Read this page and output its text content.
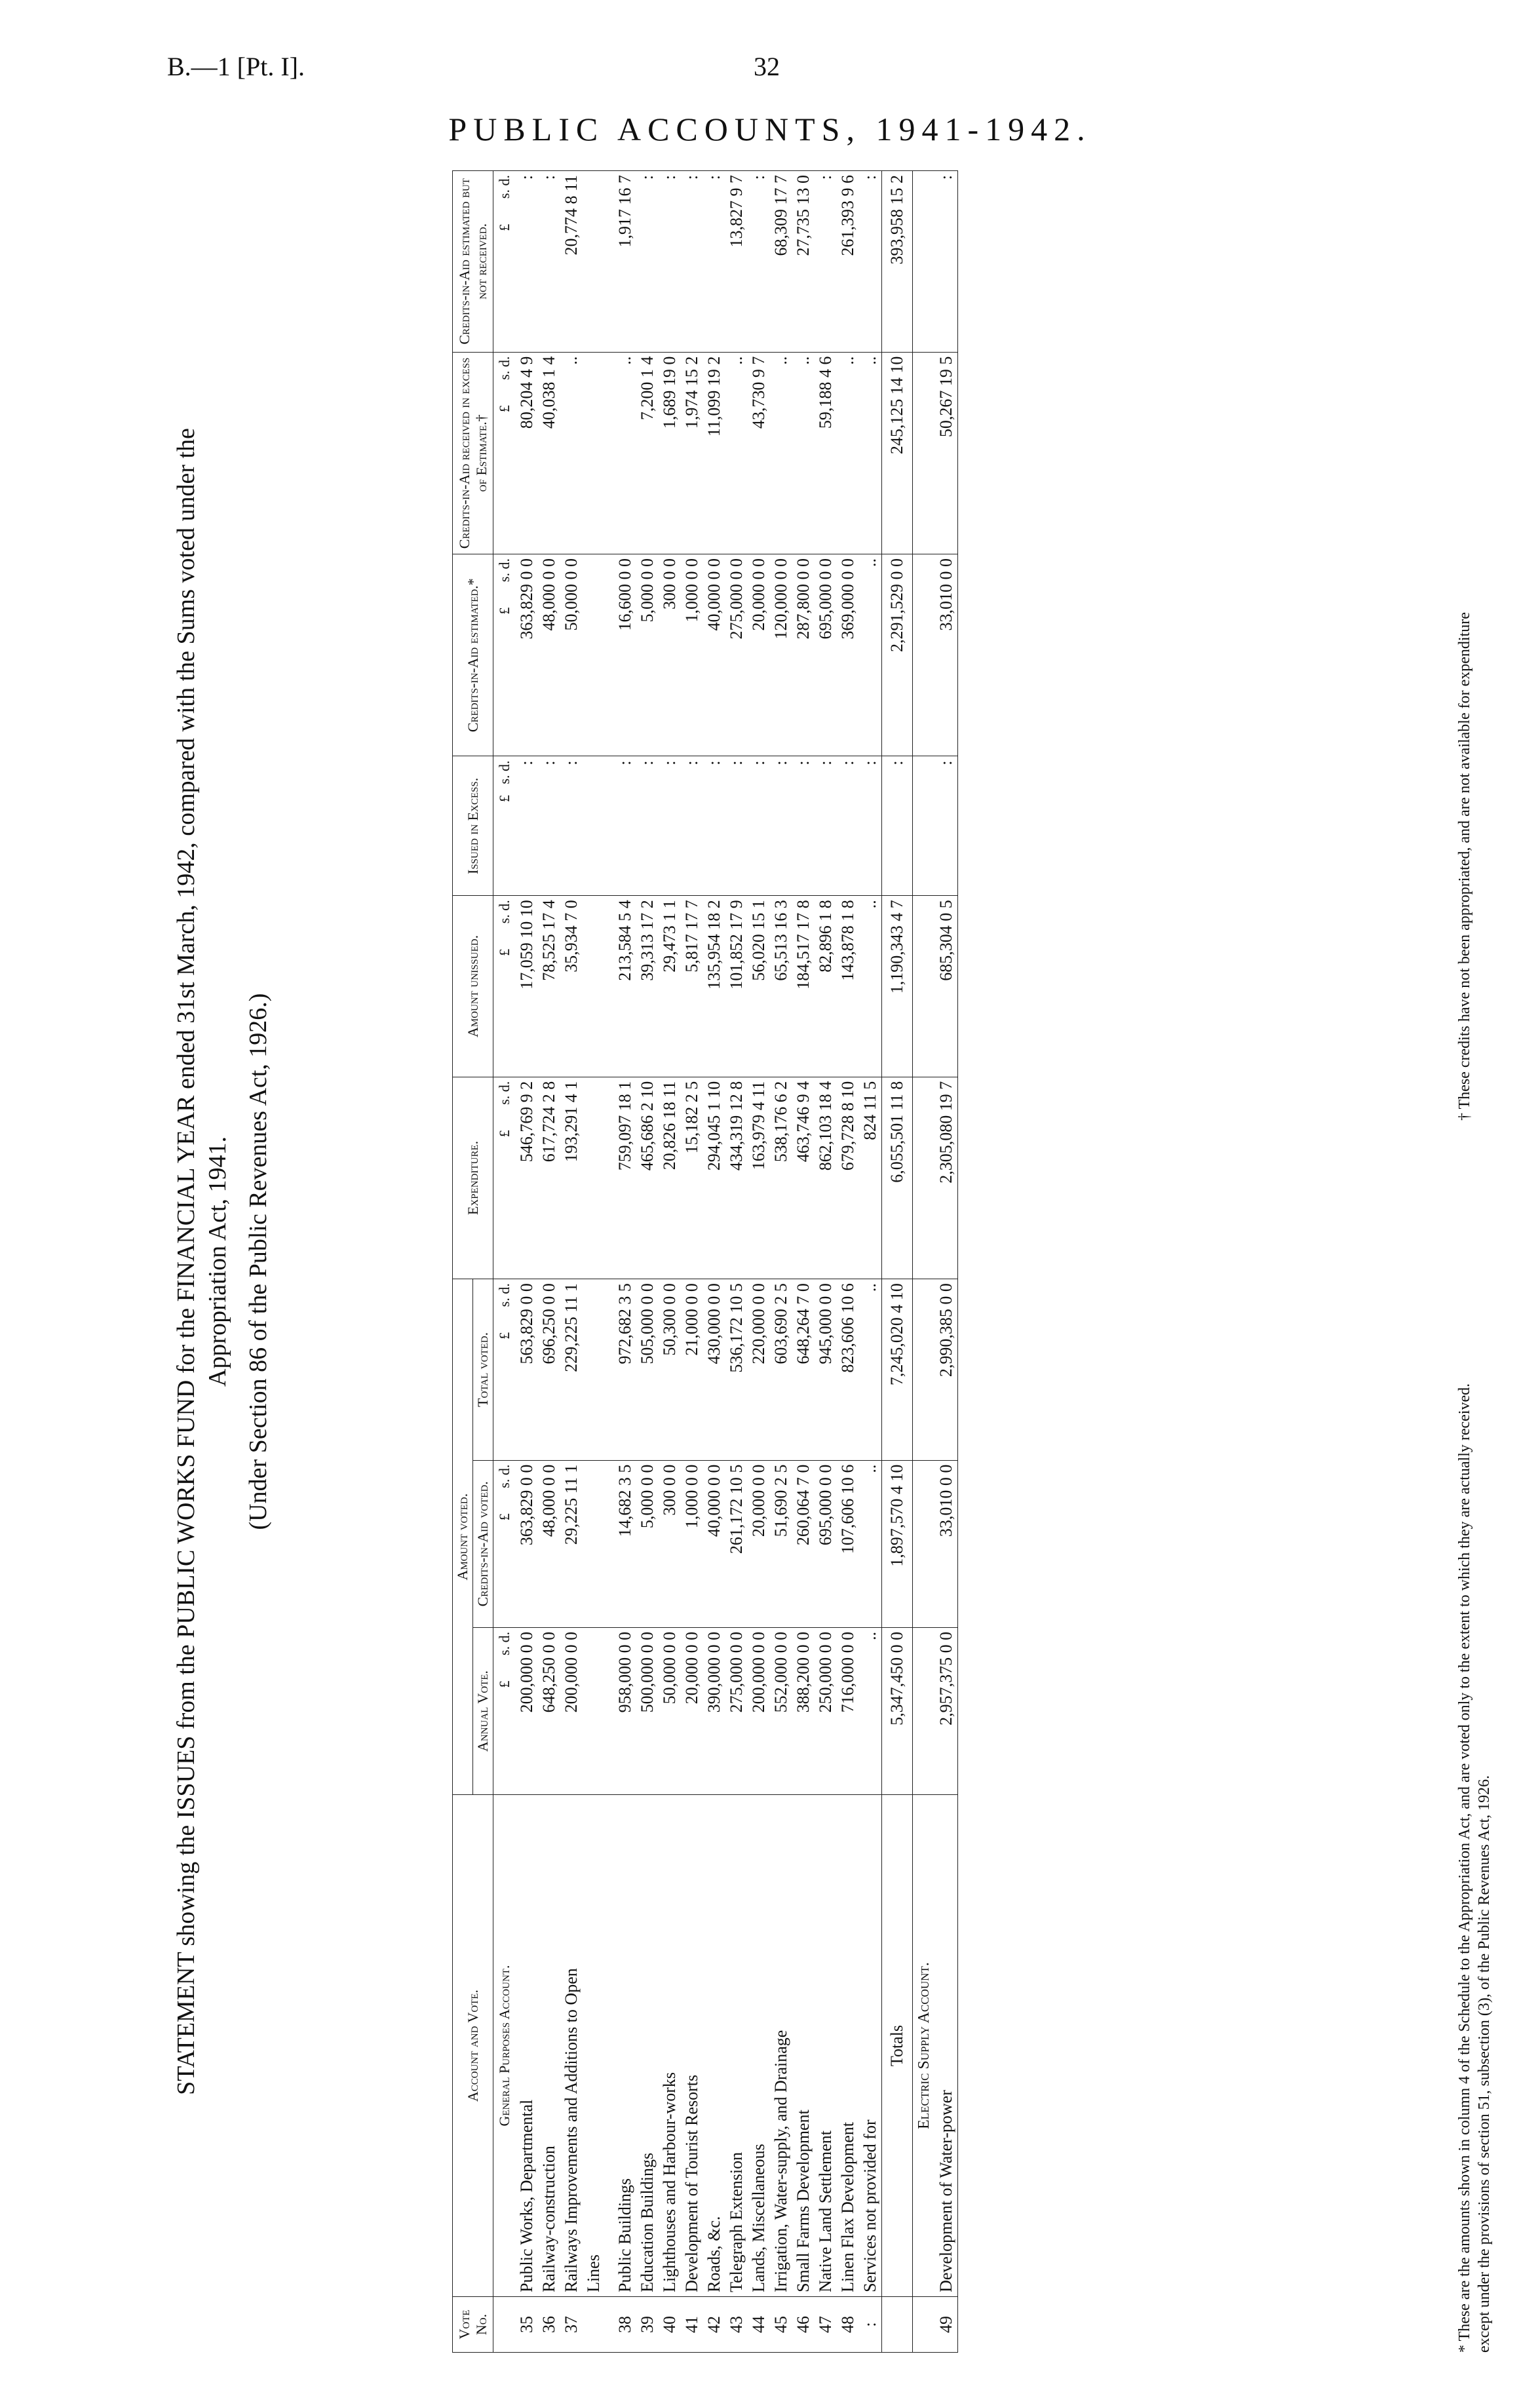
B.—1 [Pt. I].	32
PUBLIC ACCOUNTS, 1941-1942.
STATEMENT showing the ISSUES from the PUBLIC WORKS FUND for the FINANCIAL YEAR ended 31st March, 1942, compared with the Sums voted under the Appropriation Act, 1941. (Under Section 86 of the Public Revenues Act, 1926.)
Vote No.	Account and Vote.	Amount voted.			Expenditure.	Amount unissued.	Issued in Excess.	Credits-in-Aid estimated.*	Credits-in-Aid received in excess of Estimate.†	Credits-in-Aid estimated but not received.
		Annual Vote.	Credits-in-Aid voted.	Total voted.						
	General Purposes Account.	£       s. d.	£       s. d.	£       s. d.	£       s. d.	£       s. d.	£   s. d.	£       s. d.	£       s. d.	£       s. d.
35	Public Works, Departmental	200,000 0 0	363,829 0 0	563,829 0 0	546,769 9 2	17,059 10 10	:	363,829 0 0	80,204 4 9	:
36	Railway-construction	648,250 0 0	48,000 0 0	696,250 0 0	617,724 2 8	78,525 17 4	:	48,000 0 0	40,038 1 4	:
37	Railways Improvements and Additions to Open	200,000 0 0	29,225 11 1	229,225 11 1	193,291 4 1	35,934 7 0	:	50,000 0 0	..	20,774 8 11
	Lines									

38	Public Buildings	958,000 0 0	14,682 3 5	972,682 3 5	759,097 18 1	213,584 5 4	:	16,600 0 0	..	1,917 16 7
39	Education Buildings	500,000 0 0	5,000 0 0	505,000 0 0	465,686 2 10	39,313 17 2	:	5,000 0 0	7,200 1 4	:
40	Lighthouses and Harbour-works	50,000 0 0	300 0 0	50,300 0 0	20,826 18 11	29,473 1 1	:	300 0 0	1,689 19 0	:
41	Development of Tourist Resorts	20,000 0 0	1,000 0 0	21,000 0 0	15,182 2 5	5,817 17 7	:	1,000 0 0	1,974 15 2	:
42	Roads, &c.	390,000 0 0	40,000 0 0	430,000 0 0	294,045 1 10	135,954 18 2	:	40,000 0 0	11,099 19 2	:
43	Telegraph Extension	275,000 0 0	261,172 10 5	536,172 10 5	434,319 12 8	101,852 17 9	:	275,000 0 0	..	13,827 9 7
44	Lands, Miscellaneous	200,000 0 0	20,000 0 0	220,000 0 0	163,979 4 11	56,020 15 1	:	20,000 0 0	43,730 9 7	:
45	Irrigation, Water-supply, and Drainage	552,000 0 0	51,690 2 5	603,690 2 5	538,176 6 2	65,513 16 3	:	120,000 0 0	..	68,309 17 7
46	Small Farms Development	388,200 0 0	260,064 7 0	648,264 7 0	463,746 9 4	184,517 17 8	:	287,800 0 0	..	27,735 13 0
47	Native Land Settlement	250,000 0 0	695,000 0 0	945,000 0 0	862,103 18 4	82,896 1 8	:	695,000 0 0	59,188 4 6	:
48	Linen Flax Development	716,000 0 0	107,606 10 6	823,606 10 6	679,728 8 10	143,878 1 8	:	369,000 0 0	..	261,393 9 6
:	Services not provided for	..	..	..	824 11 5	..	:	..	..	:
	Totals	5,347,450 0 0	1,897,570 4 10	7,245,020 4 10	6,055,501 11 8	1,190,343 4 7	:	2,291,529 0 0	245,125 14 10	393,958 15 2
	Electric Supply Account.									
49	Development of Water-power	2,957,375 0 0	33,010 0 0	2,990,385 0 0	2,305,080 19 7	685,304 0 5	:	33,010 0 0	50,267 19 5	:
* These are the amounts shown in column 4 of the Schedule to the Appropriation Act, and are voted only to the extent to which they are actually received. except under the provisions of section 51, subsection (3), of the Public Revenues Act, 1926.
† These credits have not been appropriated, and are not available for expenditure
